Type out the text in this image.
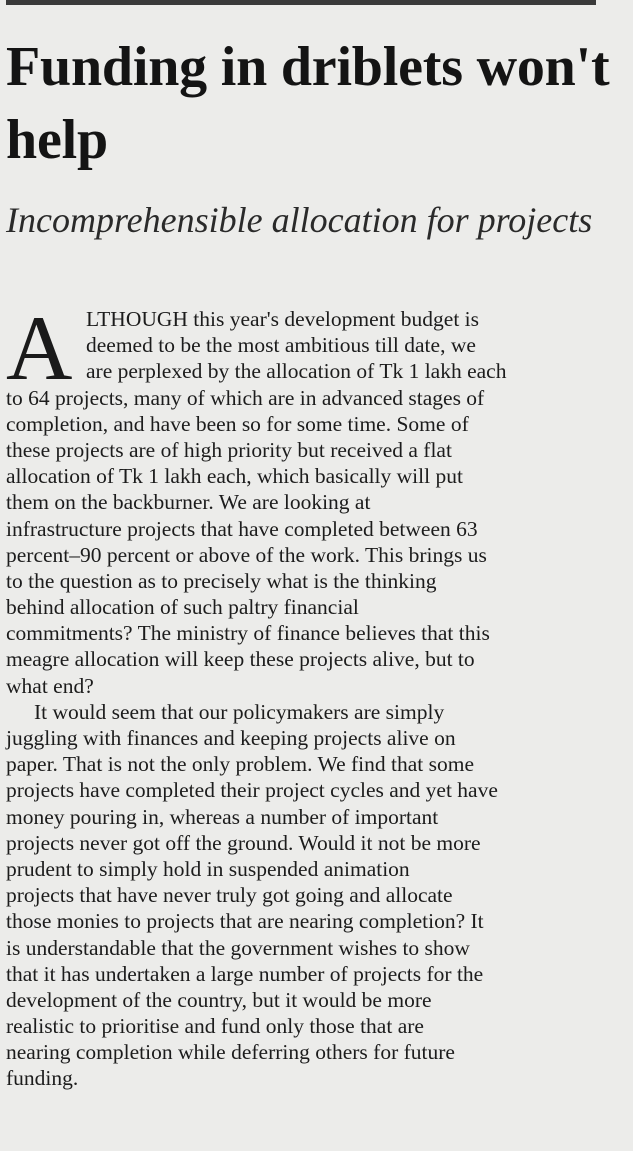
Funding in driblets won't help
Incomprehensible allocation for projects
A LTHOUGH this year's development budget is
deemed to be the most ambitious till date, we
are perplexed by the allocation of Tk 1 lakh each
to 64 projects, many of which are in advanced stages of
completion, and have been so for some time. Some of
these projects are of high priority but received a flat
allocation of Tk 1 lakh each, which basically will put
them on the backburner. We are looking at
infrastructure projects that have completed between 63
percent–90 percent or above of the work. This brings us
to the question as to precisely what is the thinking
behind allocation of such paltry financial
commitments? The ministry of finance believes that this
meagre allocation will keep these projects alive, but to
what end?
It would seem that our policymakers are simply
juggling with finances and keeping projects alive on
paper. That is not the only problem. We find that some
projects have completed their project cycles and yet have
money pouring in, whereas a number of important
projects never got off the ground. Would it not be more
prudent to simply hold in suspended animation
projects that have never truly got going and allocate
those monies to projects that are nearing completion? It
is understandable that the government wishes to show
that it has undertaken a large number of projects for the
development of the country, but it would be more
realistic to prioritise and fund only those that are
nearing completion while deferring others for future
funding.
